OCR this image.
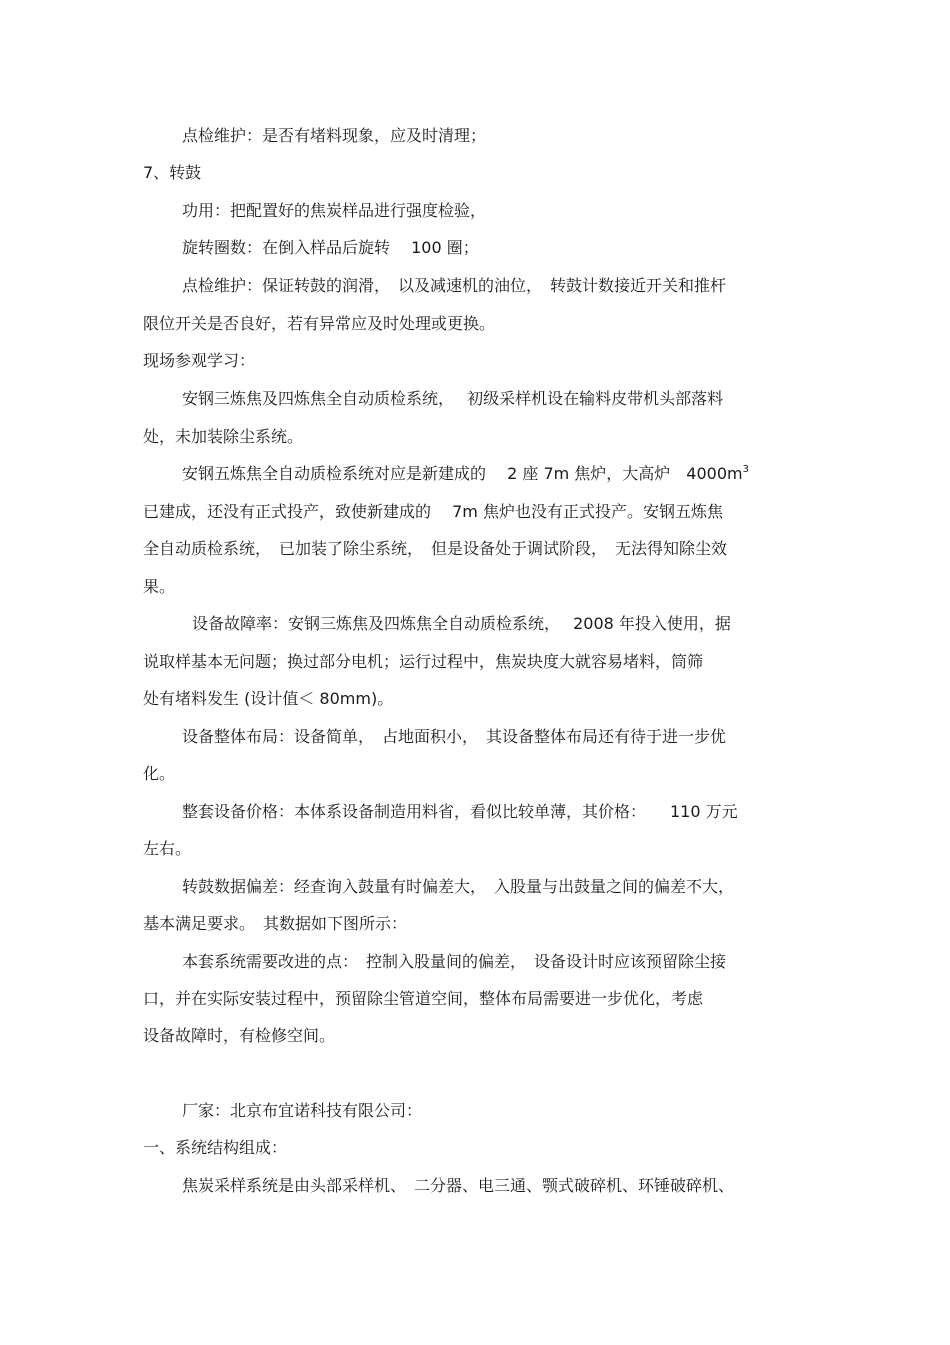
点检维护：是否有堵料现象，应及时清理；
7、转鼓
功用：把配置好的焦炭样品进行强度检验，
旋转圈数：在倒入样品后旋转　 100 圈；
点检维护：保证转鼓的润滑，　以及减速机的油位，　转鼓计数接近开关和推杆
限位开关是否良好，若有异常应及时处理或更换。
现场参观学习：
安钢三炼焦及四炼焦全自动质检系统，　 初级采样机设在输料皮带机头部落料
处，未加装除尘系统。
安钢五炼焦全自动质检系统对应是新建成的　 2 座 7m 焦炉，大高炉　$4000m^3$
已建成，还没有正式投产，致使新建成的　 7m 焦炉也没有正式投产。安钢五炼焦
全自动质检系统，　已加装了除尘系统，　但是设备处于调试阶段，　无法得知除尘效
果。
设备故障率：安钢三炼焦及四炼焦全自动质检系统，　 2008 年投入使用，据
说取样基本无问题；换过部分电机；运行过程中，焦炭块度大就容易堵料，筒筛
处有堵料发生 (设计值＜ 80mm)。
设备整体布局：设备简单，　占地面积小，　其设备整体布局还有待于进一步优
化。
整套设备价格：本体系设备制造用料省，看似比较单薄，其价格：　　110 万元
左右。
转鼓数据偏差：经查询入鼓量有时偏差大，　入股量与出鼓量之间的偏差不大，
基本满足要求。　其数据如下图所示：
本套系统需要改进的点：　控制入股量间的偏差，　设备设计时应该预留除尘接
口，并在实际安装过程中，预留除尘管道空间，整体布局需要进一步优化，考虑
设备故障时，有检修空间。
厂家：北京布宜诺科技有限公司：
一、系统结构组成：
焦炭采样系统是由头部采样机、　二分器、电三通、颚式破碎机、环锤破碎机、
